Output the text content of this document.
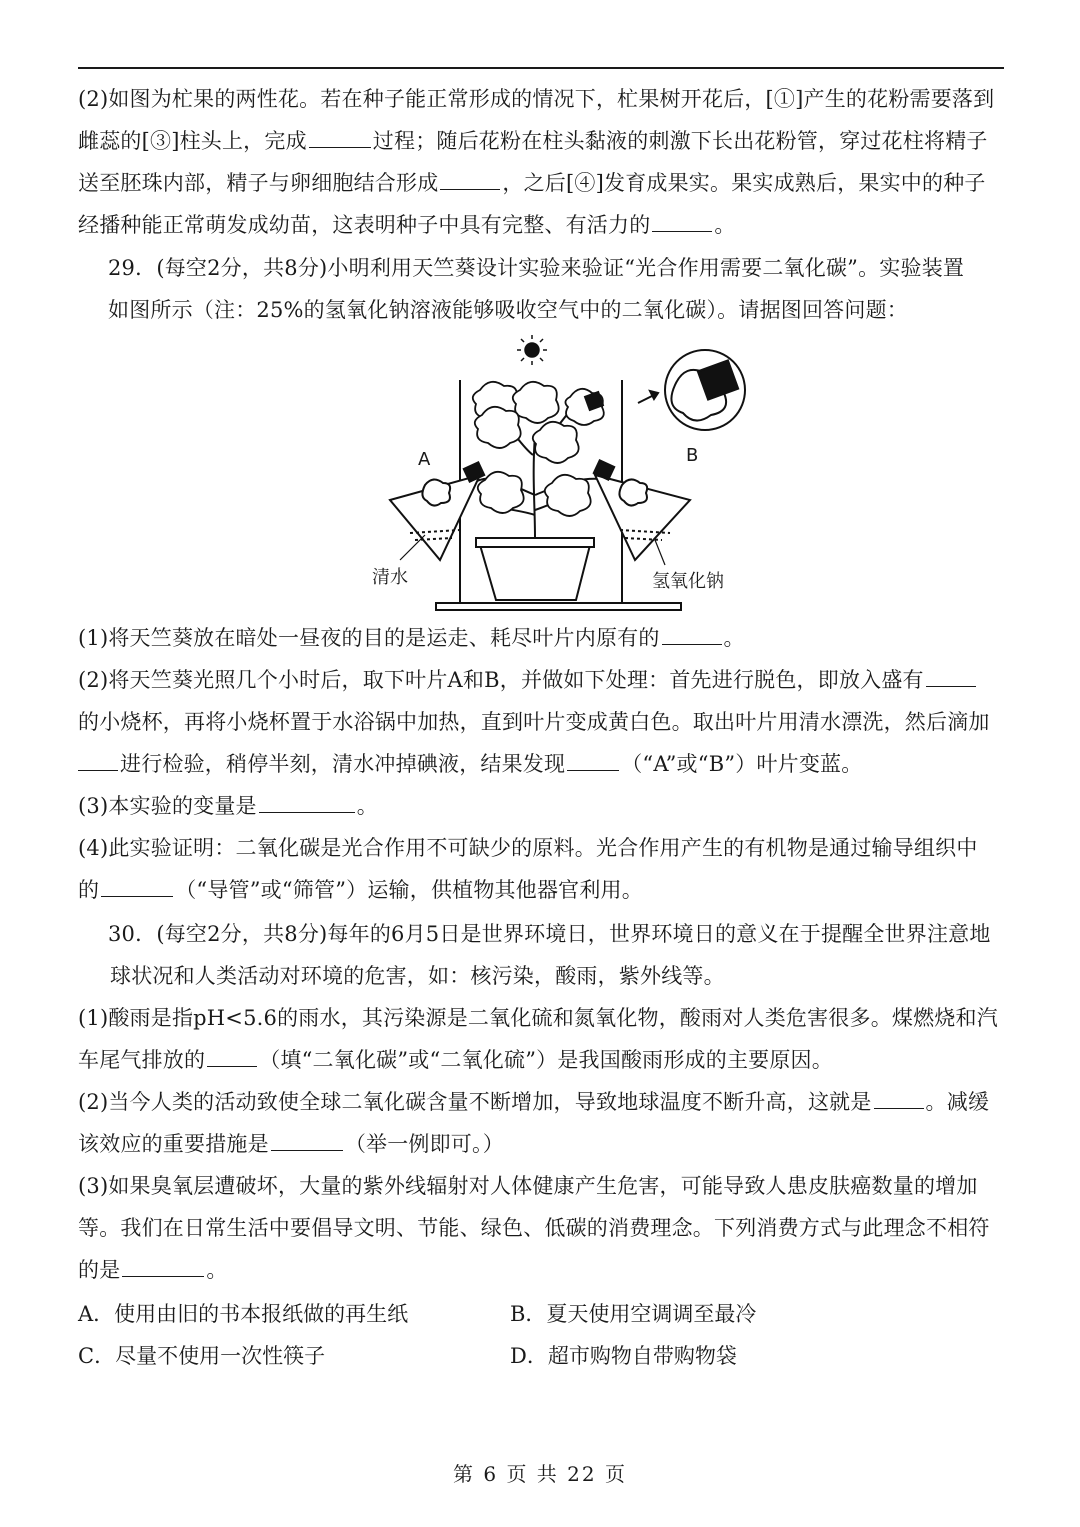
(2)如图为杧果的两性花。若在种子能正常形成的情况下，杧果树开花后，[①]产生的花粉需要落到

雌蕊的[③]柱头上，完成	过程；随后花粉在柱头黏液的刺激下长出花粉管，穿过花柱将精子

送至胚珠内部，精子与卵细胞结合形成	，之后[④]发育成果实。果实成熟后，果实中的种子

经播种能正常萌发成幼苗，这表明种子中具有完整、有活力的	。

29．(每空2分，共8分)小明利用天竺葵设计实验来验证“光合作用需要二氧化碳”。实验装置

如图所示（注：25%的氢氧化钠溶液能够吸收空气中的二氧化碳）。请据图回答问题：

A	B
清水	氢氧化钠

(1)将天竺葵放在暗处一昼夜的目的是运走、耗尽叶片内原有的	。

(2)将天竺葵光照几个小时后，取下叶片A和B，并做如下处理：首先进行脱色，即放入盛有

的小烧杯，再将小烧杯置于水浴锅中加热，直到叶片变成黄白色。取出叶片用清水漂洗，然后滴加

进行检验，稍停半刻，清水冲掉碘液，结果发现	（“A”或“B”）叶片变蓝。

(3)本实验的变量是	。

(4)此实验证明：二氧化碳是光合作用不可缺少的原料。光合作用产生的有机物是通过输导组织中

的	（“导管”或“筛管”）运输，供植物其他器官利用。

30．(每空2分，共8分)每年的6月5日是世界环境日，世界环境日的意义在于提醒全世界注意地

球状况和人类活动对环境的危害，如：核污染，酸雨，紫外线等。

(1)酸雨是指pH<5.6的雨水，其污染源是二氧化硫和氮氧化物，酸雨对人类危害很多。煤燃烧和汽

车尾气排放的	（填“二氧化碳”或“二氧化硫”）是我国酸雨形成的主要原因。

(2)当今人类的活动致使全球二氧化碳含量不断增加，导致地球温度不断升高，这就是	。减缓

该效应的重要措施是	（举一例即可。）

(3)如果臭氧层遭破坏，大量的紫外线辐射对人体健康产生危害，可能导致人患皮肤癌数量的增加

等。我们在日常生活中要倡导文明、节能、绿色、低碳的消费理念。下列消费方式与此理念不相符

的是	。

A．使用由旧的书本报纸做的再生纸	B．夏天使用空调调至最冷
C．尽量不使用一次性筷子	D．超市购物自带购物袋
第 6 页 共 22 页
